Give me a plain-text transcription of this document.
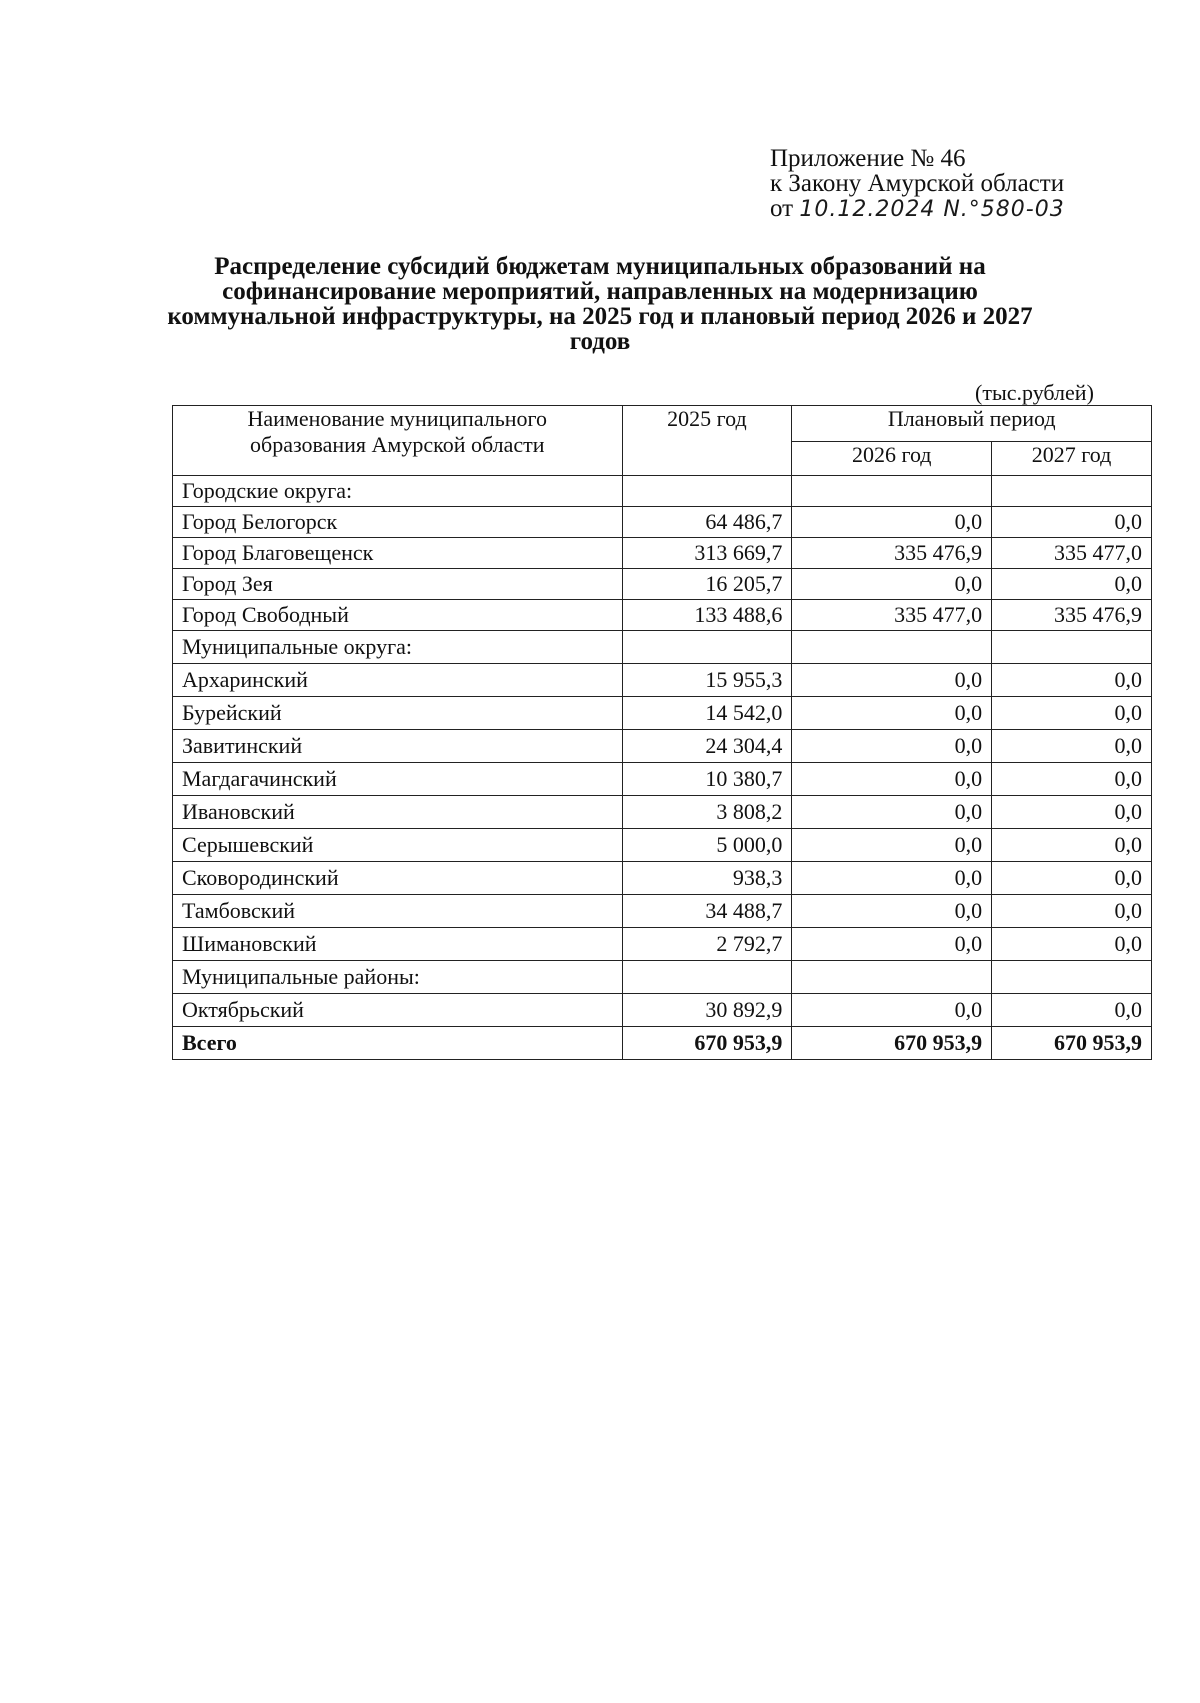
Приложение № 46
к Закону Амурской области
от 10.12.2024 N.°580-03
Распределение субсидий бюджетам муниципальных образований на софинансирование мероприятий, направленных на модернизацию коммунальной инфраструктуры, на 2025 год и плановый период 2026 и 2027 годов
(тыс.рублей)
Наименование муниципального
образования Амурской области	2025 год	Плановый период	
		2026 год	2027 год
Городские округа:			
Город Белогорск	64 486,7	0,0	0,0
Город Благовещенск	313 669,7	335 476,9	335 477,0
Город Зея	16 205,7	0,0	0,0
Город Свободный	133 488,6	335 477,0	335 476,9
Муниципальные округа:			
Архаринский	15 955,3	0,0	0,0
Бурейский	14 542,0	0,0	0,0
Завитинский	24 304,4	0,0	0,0
Магдагачинский	10 380,7	0,0	0,0
Ивановский	3 808,2	0,0	0,0
Серышевский	5 000,0	0,0	0,0
Сковородинский	938,3	0,0	0,0
Тамбовский	34 488,7	0,0	0,0
Шимановский	2 792,7	0,0	0,0
Муниципальные районы:			
Октябрьский	30 892,9	0,0	0,0
Всего	670 953,9	670 953,9	670 953,9
